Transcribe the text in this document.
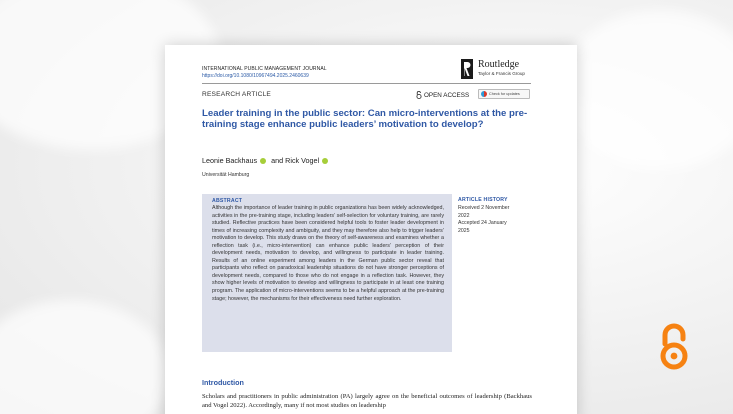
INTERNATIONAL PUBLIC MANAGEMENT JOURNAL
https://doi.org/10.1080/10967494.2025.2460639
Routledge
Taylor & Francis Group
RESEARCH ARTICLE	OPEN ACCESS	Check for updates
Leader training in the public sector: Can micro-interventions at the pre-training stage enhance public leaders’ motivation to develop?
Leonie Backhaus and Rick Vogel
Universität Hamburg
ABSTRACT
Although the importance of leader training in public organizations has been widely acknowledged, activities in the pre-training stage, including leaders’ self-selection for voluntary training, are rarely studied. Reflective practices have been considered helpful tools to foster leader development in times of increasing complexity and ambiguity, and they may therefore also help to trigger leaders’ motivation to develop. This study draws on the theory of self-awareness and examines whether a reflection task (i.e., micro-intervention) can enhance public leaders’ perception of their development needs, motivation to develop, and willingness to participate in leader training. Results of an online experiment among leaders in the German public sector reveal that participants who reflect on paradoxical leadership situations do not have stronger perceptions of development needs, compared to those who do not engage in a reflection task. However, they show higher levels of motivation to develop and willingness to participate in at least one training program. The application of micro-interventions seems to be a helpful approach at the pre-training stage; however, the mechanisms for their effectiveness need further exploration.
ARTICLE HISTORY
Received 2 November
2022
Accepted 24 January
2025
Introduction
Scholars and practitioners in public administration (PA) largely agree on the beneficial outcomes of leadership (Backhaus and Vogel 2022). Accordingly, many if not most studies on leadership
